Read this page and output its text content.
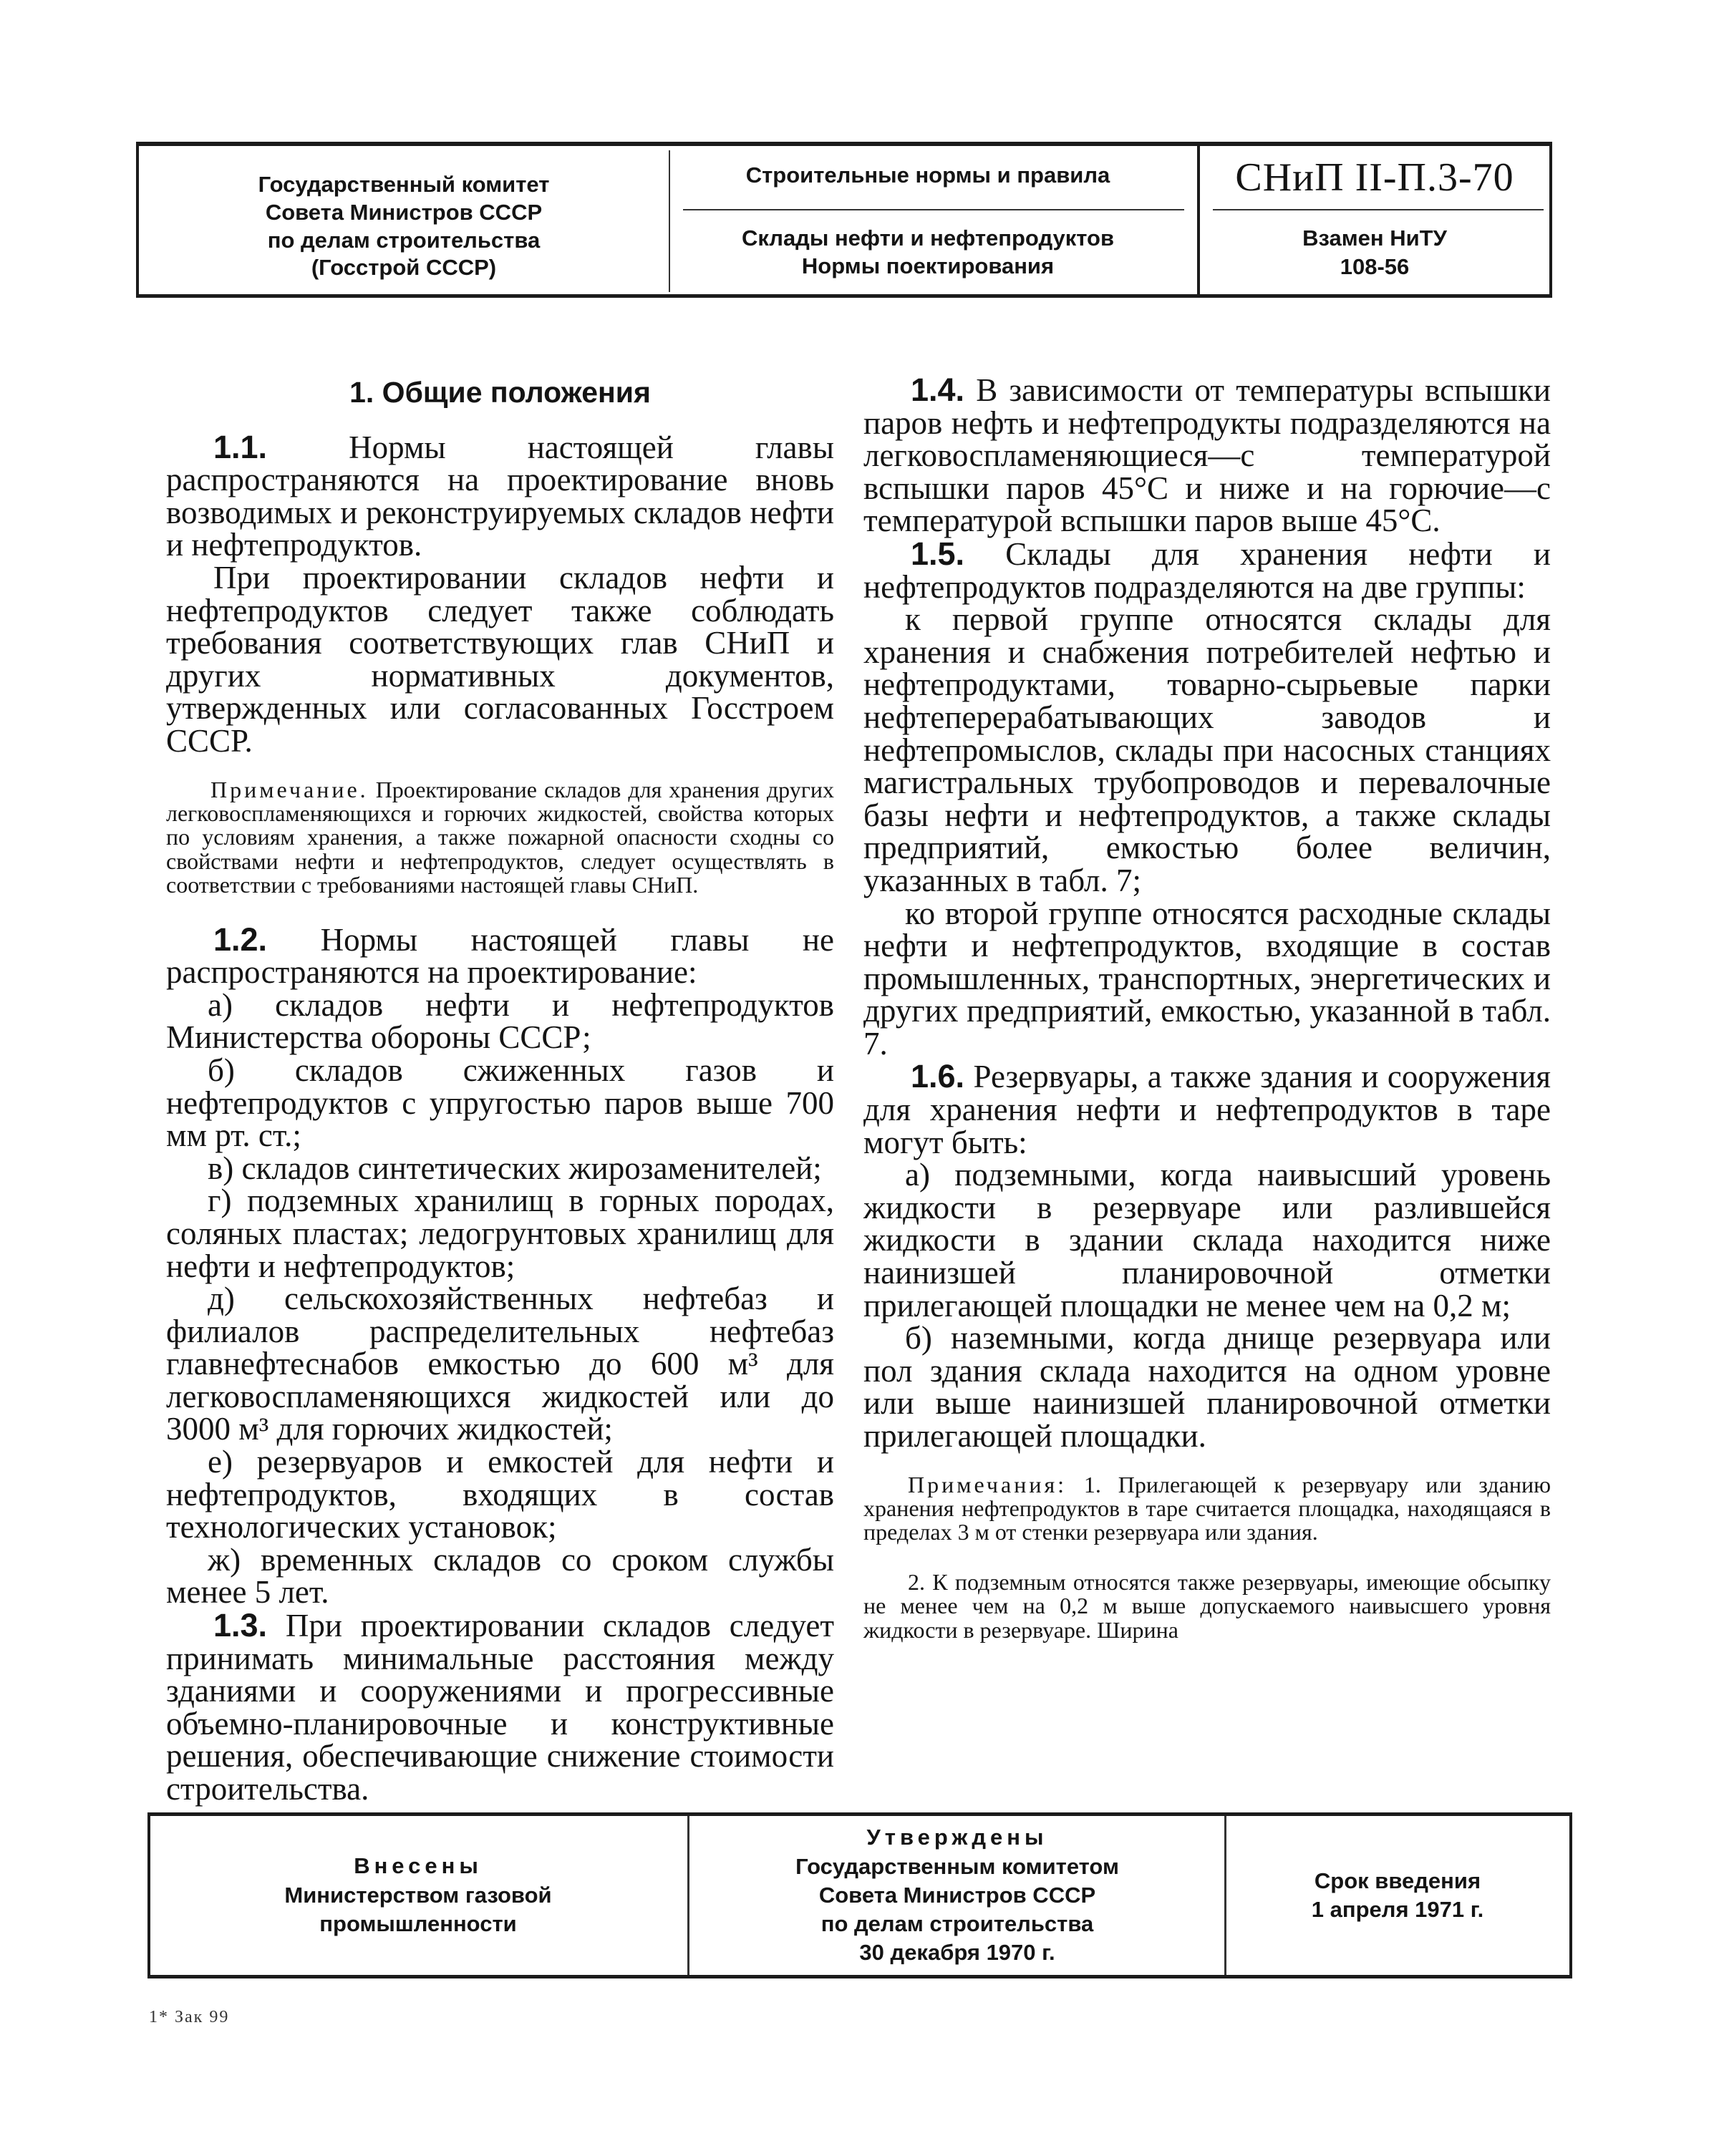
Государственный комитет
Совета Министров СССР
по делам строительства
(Госстрой СССР)
Строительные нормы и правила
Склады нефти и нефтепродуктов
Нормы поектирования
СНиП II-П.3-70
Взамен НиТУ
108-56
1. Общие положения

1.1.	Нормы настоящей главы распространяются на проектирование вновь возводимых и реконструируемых складов нефти и нефтепродуктов.

При проектировании складов нефти и нефтепродуктов следует также соблюдать требования соответствующих глав СНиП и других нормативных документов, утвержденных или согласованных Госстроем СССР.

Примечание. Проектирование складов для хранения других легковоспламеняющихся и горючих жидкостей, свойства которых по условиям хранения, а также пожарной опасности сходны со свойствами нефти и нефтепродуктов, следует осуществлять в соответствии с требованиями настоящей главы СНиП.

1.2. Нормы настоящей главы не распространяются на проектирование:

а) складов нефти и нефтепродуктов Министерства обороны СССР;

б) складов сжиженных газов и нефтепродуктов с упругостью паров выше 700 мм рт. ст.;

в) складов синтетических жирозаменителей;

г) подземных хранилищ в горных породах, соляных пластах; ледогрунтовых хранилищ для нефти и нефтепродуктов;

д) сельскохозяйственных нефтебаз и филиалов распределительных нефтебаз главнефтеснабов емкостью до 600 м³ для легковоспламеняющихся жидкостей или до 3000 м³ для горючих жидкостей;

е) резервуаров и емкостей для нефти и нефтепродуктов, входящих в состав технологических установок;

ж) временных складов со сроком службы менее 5 лет.

1.3. При проектировании складов следует принимать минимальные расстояния между зданиями и сооружениями и прогрессивные объемно-планировочные и конструктивные решения, обеспечивающие снижение стоимости строительства.

1.4. В зависимости от температуры вспышки паров нефть и нефтепродукты подразделяются на легковоспламеняющиеся—с температурой вспышки паров 45°С и ниже и на горючие—с температурой вспышки паров выше 45°С.

1.5. Склады для хранения нефти и нефтепродуктов подразделяются на две группы:

к первой группе относятся склады для хранения и снабжения потребителей нефтью и нефтепродуктами, товарно-сырьевые парки нефтеперерабатывающих заводов и нефтепромыслов, склады при насосных станциях магистральных трубопроводов и перевалочные базы нефти и нефтепродуктов, а также склады предприятий, емкостью более величин, указанных в табл. 7;

ко второй группе относятся расходные склады нефти и нефтепродуктов, входящие в состав промышленных, транспортных, энергетических и других предприятий, емкостью, указанной в табл. 7.

1.6. Резервуары, а также здания и сооружения для хранения нефти и нефтепродуктов в таре могут быть:

а) подземными, когда наивысший уровень жидкости в резервуаре или разлившейся жидкости в здании склада находится ниже наинизшей планировочной отметки прилегающей площадки не менее чем на 0,2 м;

б) наземными, когда днище резервуара или пол здания склада находится на одном уровне или выше наинизшей планировочной отметки прилегающей площадки.

Примечания: 1. Прилегающей к резервуару или зданию хранения нефтепродуктов в таре считается площадка, находящаяся в пределах 3 м от стенки резервуара или здания.
2. К подземным относятся также резервуары, имеющие обсыпку не менее чем на 0,2 м выше допускаемого наивысшего уровня жидкости в резервуаре. Ширина
Внесены
Министерством газовой
промышленности
Утверждены
Государственным комитетом
Совета Министров СССР
по делам строительства
30 декабря 1970 г.
Срок введения
1 апреля 1971 г.
1* Зак 99
